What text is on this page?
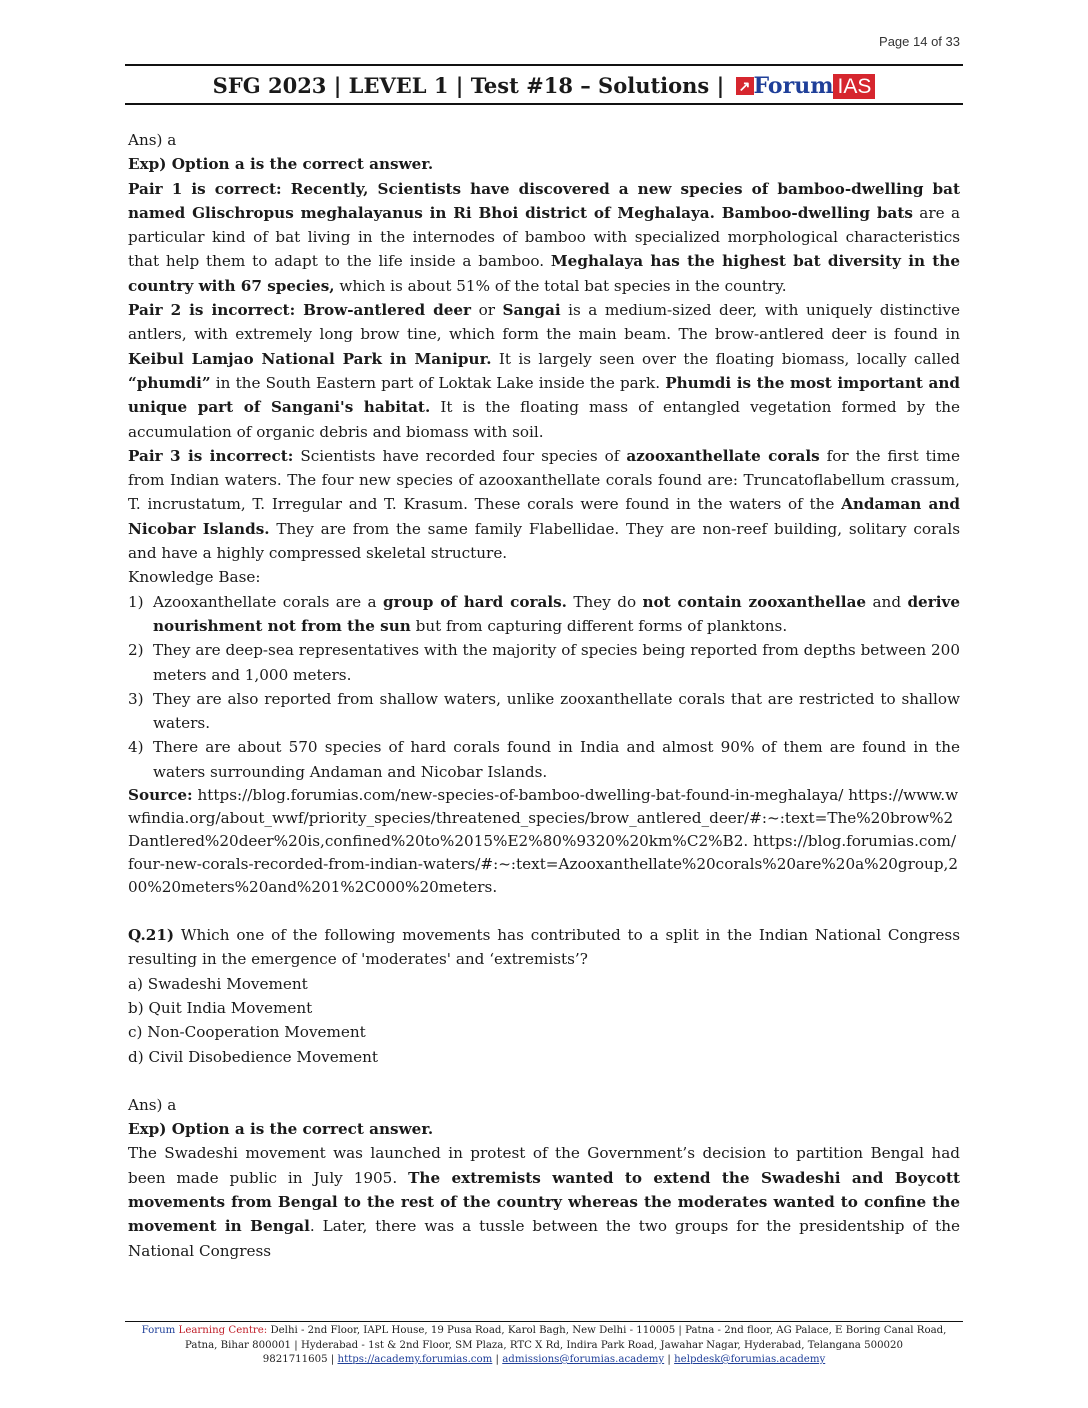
Page 14 of 33
SFG 2023 | LEVEL 1 | Test #18 – Solutions | ↗ Forum IAS

Ans) a

Exp) Option a is the correct answer.

Pair 1 is correct: Recently, Scientists have discovered a new species of bamboo-dwelling bat named Glischropus meghalayanus in Ri Bhoi district of Meghalaya. Bamboo-dwelling bats are a particular kind of bat living in the internodes of bamboo with specialized morphological characteristics that help them to adapt to the life inside a bamboo. Meghalaya has the highest bat diversity in the country with 67 species, which is about 51% of the total bat species in the country.

Pair 2 is incorrect: Brow-antlered deer or Sangai is a medium-sized deer, with uniquely distinctive antlers, with extremely long brow tine, which form the main beam. The brow-antlered deer is found in Keibul Lamjao National Park in Manipur. It is largely seen over the floating biomass, locally called “phumdi” in the South Eastern part of Loktak Lake inside the park. Phumdi is the most important and unique part of Sangani's habitat. It is the floating mass of entangled vegetation formed by the accumulation of organic debris and biomass with soil.

Pair 3 is incorrect: Scientists have recorded four species of azooxanthellate corals for the first time from Indian waters. The four new species of azooxanthellate corals found are: Truncatoflabellum crassum, T. incrustatum, T. Irregular and T. Krasum. These corals were found in the waters of the Andaman and Nicobar Islands. They are from the same family Flabellidae. They are non-reef building, solitary corals and have a highly compressed skeletal structure.

Knowledge Base:

1) Azooxanthellate corals are a group of hard corals. They do not contain zooxanthellae and derive nourishment not from the sun but from capturing different forms of planktons.
2) They are deep-sea representatives with the majority of species being reported from depths between 200 meters and 1,000 meters.
3) They are also reported from shallow waters, unlike zooxanthellate corals that are restricted to shallow waters.
4) There are about 570 species of hard corals found in India and almost 90% of them are found in the waters surrounding Andaman and Nicobar Islands.

Source: https://blog.forumias.com/new-species-of-bamboo-dwelling-bat-found-in-meghalaya/ https://www.wwfindia.org/about_wwf/priority_species/threatened_species/brow_antlered_deer/#:~:text=The%20brow%2Dantlered%20deer%20is,confined%20to%2015%E2%80%9320%20km%C2%B2. https://blog.forumias.com/four-new-corals-recorded-from-indian-waters/#:~:text=Azooxanthellate%20corals%20are%20a%20group,200%20meters%20and%201%2C000%20meters.

Q.21) Which one of the following movements has contributed to a split in the Indian National Congress resulting in the emergence of 'moderates' and ‘extremists’?

a) Swadeshi Movement

b) Quit India Movement

c) Non-Cooperation Movement

d) Civil Disobedience Movement

Ans) a

Exp) Option a is the correct answer.

The Swadeshi movement was launched in protest of the Government’s decision to partition Bengal had been made public in July 1905. The extremists wanted to extend the Swadeshi and Boycott movements from Bengal to the rest of the country whereas the moderates wanted to confine the movement in Bengal. Later, there was a tussle between the two groups for the presidentship of the National Congress

Forum Learning Centre: Delhi - 2nd Floor, IAPL House, 19 Pusa Road, Karol Bagh, New Delhi - 110005 | Patna - 2nd floor, AG Palace, E Boring Canal Road, Patna, Bihar 800001 | Hyderabad - 1st & 2nd Floor, SM Plaza, RTC X Rd, Indira Park Road, Jawahar Nagar, Hyderabad, Telangana 500020
9821711605 | https://academy.forumias.com | admissions@forumias.academy | helpdesk@forumias.academy
